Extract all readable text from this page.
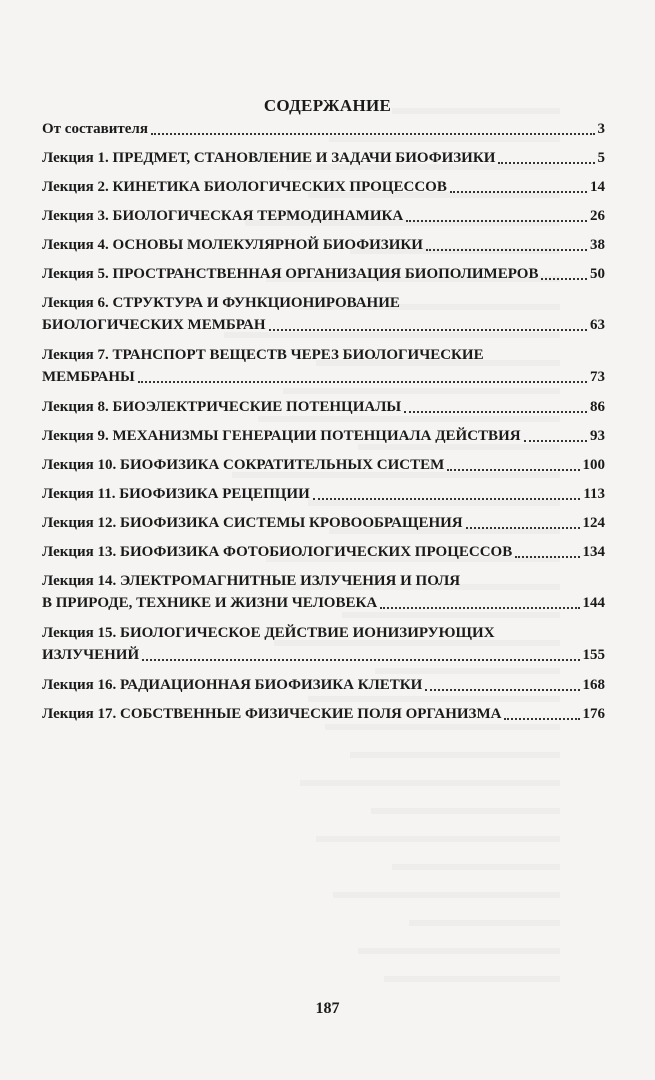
СОДЕРЖАНИЕ
От составителя	3
Лекция 1. ПРЕДМЕТ, СТАНОВЛЕНИЕ И ЗАДАЧИ БИОФИЗИКИ	5
Лекция 2. КИНЕТИКА БИОЛОГИЧЕСКИХ ПРОЦЕССОВ	14
Лекция 3. БИОЛОГИЧЕСКАЯ ТЕРМОДИНАМИКА	26
Лекция 4. ОСНОВЫ МОЛЕКУЛЯРНОЙ БИОФИЗИКИ	38
Лекция 5. ПРОСТРАНСТВЕННАЯ ОРГАНИЗАЦИЯ БИОПОЛИМЕРОВ	50
Лекция 6. СТРУКТУРА И ФУНКЦИОНИРОВАНИЕ
БИОЛОГИЧЕСКИХ МЕМБРАН	63
Лекция 7. ТРАНСПОРТ ВЕЩЕСТВ ЧЕРЕЗ БИОЛОГИЧЕСКИЕ
МЕМБРАНЫ	73
Лекция 8. БИОЭЛЕКТРИЧЕСКИЕ ПОТЕНЦИАЛЫ	86
Лекция 9. МЕХАНИЗМЫ ГЕНЕРАЦИИ ПОТЕНЦИАЛА ДЕЙСТВИЯ	93
Лекция 10. БИОФИЗИКА СОКРАТИТЕЛЬНЫХ СИСТЕМ	100
Лекция 11. БИОФИЗИКА РЕЦЕПЦИИ	113
Лекция 12. БИОФИЗИКА СИСТЕМЫ КРОВООБРАЩЕНИЯ	124
Лекция 13. БИОФИЗИКА ФОТОБИОЛОГИЧЕСКИХ ПРОЦЕССОВ	134
Лекция 14. ЭЛЕКТРОМАГНИТНЫЕ ИЗЛУЧЕНИЯ И ПОЛЯ
В ПРИРОДЕ, ТЕХНИКЕ И ЖИЗНИ ЧЕЛОВЕКА	144
Лекция 15. БИОЛОГИЧЕСКОЕ ДЕЙСТВИЕ ИОНИЗИРУЮЩИХ
ИЗЛУЧЕНИЙ	155
Лекция 16. РАДИАЦИОННАЯ БИОФИЗИКА КЛЕТКИ	168
Лекция 17. СОБСТВЕННЫЕ ФИЗИЧЕСКИЕ ПОЛЯ ОРГАНИЗМА	176
187
